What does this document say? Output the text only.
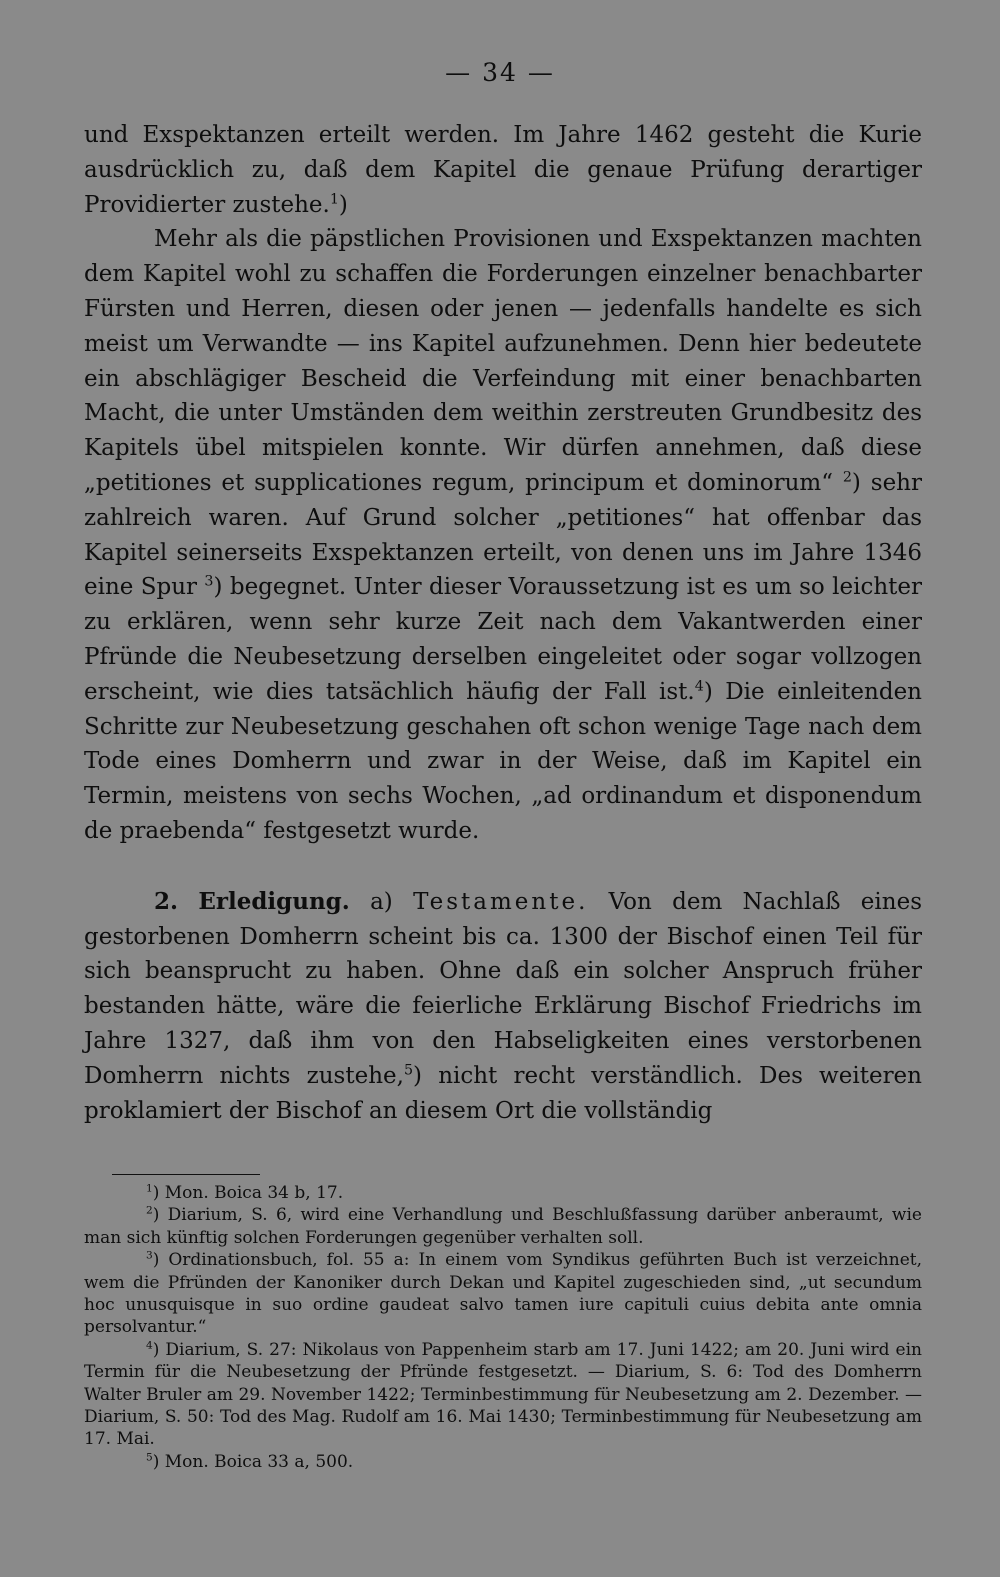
— 34 —

und Exspektanzen erteilt werden. Im Jahre 1462 gesteht die Kurie ausdrücklich zu, daß dem Kapitel die genaue Prüfung derartiger Providierter zustehe.$^1$)

Mehr als die päpstlichen Provisionen und Exspektanzen machten dem Kapitel wohl zu schaffen die Forderungen einzelner benachbarter Fürsten und Herren, diesen oder jenen — jedenfalls handelte es sich meist um Verwandte — ins Kapitel aufzunehmen. Denn hier bedeutete ein abschlägiger Bescheid die Verfeindung mit einer benachbarten Macht, die unter Umständen dem weithin zerstreuten Grundbesitz des Kapitels übel mitspielen konnte. Wir dürfen annehmen, daß diese „petitiones et supplicationes regum, principum et dominorum“ $^2$) sehr zahlreich waren. Auf Grund solcher „petitiones“ hat offenbar das Kapitel seinerseits Exspektanzen erteilt, von denen uns im Jahre 1346 eine Spur $^3$) begegnet. Unter dieser Voraussetzung ist es um so leichter zu erklären, wenn sehr kurze Zeit nach dem Vakantwerden einer Pfründe die Neubesetzung derselben eingeleitet oder sogar vollzogen erscheint, wie dies tatsächlich häufig der Fall ist.$^4$) Die einleitenden Schritte zur Neubesetzung geschahen oft schon wenige Tage nach dem Tode eines Domherrn und zwar in der Weise, daß im Kapitel ein Termin, meistens von sechs Wochen, „ad ordinandum et disponendum de praebenda“ festgesetzt wurde.

2. Erledigung. a) Testamente. Von dem Nachlaß eines gestorbenen Domherrn scheint bis ca. 1300 der Bischof einen Teil für sich beansprucht zu haben. Ohne daß ein solcher Anspruch früher bestanden hätte, wäre die feierliche Erklärung Bischof Friedrichs im Jahre 1327, daß ihm von den Habseligkeiten eines verstorbenen Domherrn nichts zustehe,$^5$) nicht recht verständlich. Des weiteren proklamiert der Bischof an diesem Ort die vollständig

$^1$) Mon. Boica 34 b, 17.

$^2$) Diarium, S. 6, wird eine Verhandlung und Beschlußfassung darüber anberaumt, wie man sich künftig solchen Forderungen gegenüber verhalten soll.

$^3$) Ordinationsbuch, fol. 55 a: In einem vom Syndikus geführten Buch ist verzeichnet, wem die Pfründen der Kanoniker durch Dekan und Kapitel zugeschieden sind, „ut secundum hoc unusquisque in suo ordine gaudeat salvo tamen iure capituli cuius debita ante omnia persolvantur.“

$^4$) Diarium, S. 27: Nikolaus von Pappenheim starb am 17. Juni 1422; am 20. Juni wird ein Termin für die Neubesetzung der Pfründe festgesetzt. — Diarium, S. 6: Tod des Domherrn Walter Bruler am 29. November 1422; Terminbestimmung für Neubesetzung am 2. Dezember. — Diarium, S. 50: Tod des Mag. Rudolf am 16. Mai 1430; Terminbestimmung für Neubesetzung am 17. Mai.

$^5$) Mon. Boica 33 a, 500.
